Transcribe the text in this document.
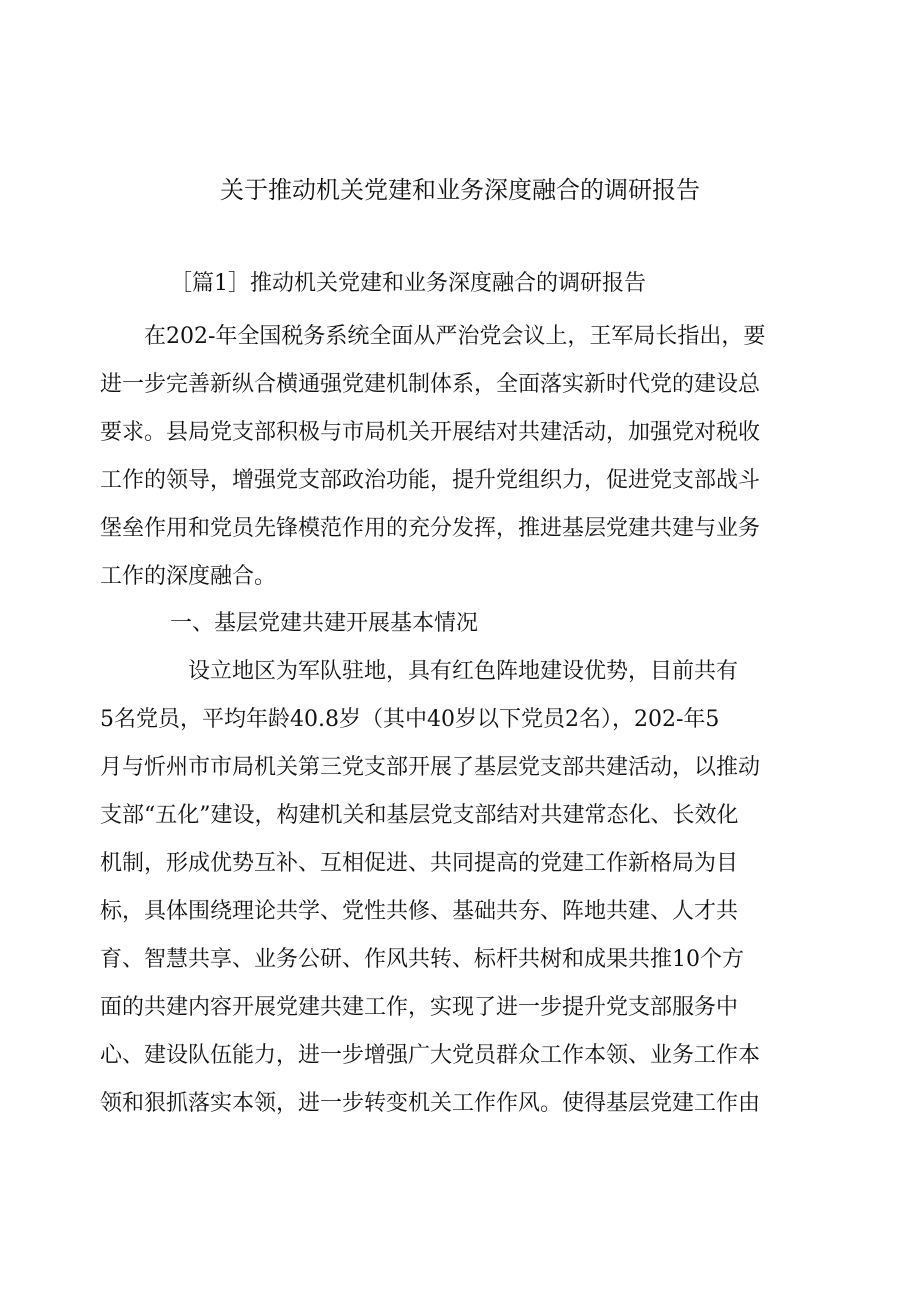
关于推动机关党建和业务深度融合的调研报告

［篇1］推动机关党建和业务深度融合的调研报告

　　在202-年全国税务系统全面从严治党会议上，王军局长指出，要
进一步完善新纵合横通强党建机制体系，全面落实新时代党的建设总
要求。县局党支部积极与市局机关开展结对共建活动，加强党对税收
工作的领导，增强党支部政治功能，提升党组织力，促进党支部战斗
堡垒作用和党员先锋模范作用的充分发挥，推进基层党建共建与业务
工作的深度融合。

一、基层党建共建开展基本情况

　　　　设立地区为军队驻地，具有红色阵地建设优势，目前共有
5名党员，平均年龄40.8岁（其中40岁以下党员2名），202-年5
月与忻州市市局机关第三党支部开展了基层党支部共建活动，以推动
支部“五化”建设，构建机关和基层党支部结对共建常态化、长效化
机制，形成优势互补、互相促进、共同提高的党建工作新格局为目
标，具体围绕理论共学、党性共修、基础共夯、阵地共建、人才共
育、智慧共享、业务公研、作风共转、标杆共树和成果共推10个方
面的共建内容开展党建共建工作，实现了进一步提升党支部服务中
心、建设队伍能力，进一步增强广大党员群众工作本领、业务工作本
领和狠抓落实本领，进一步转变机关工作作风。使得基层党建工作由
